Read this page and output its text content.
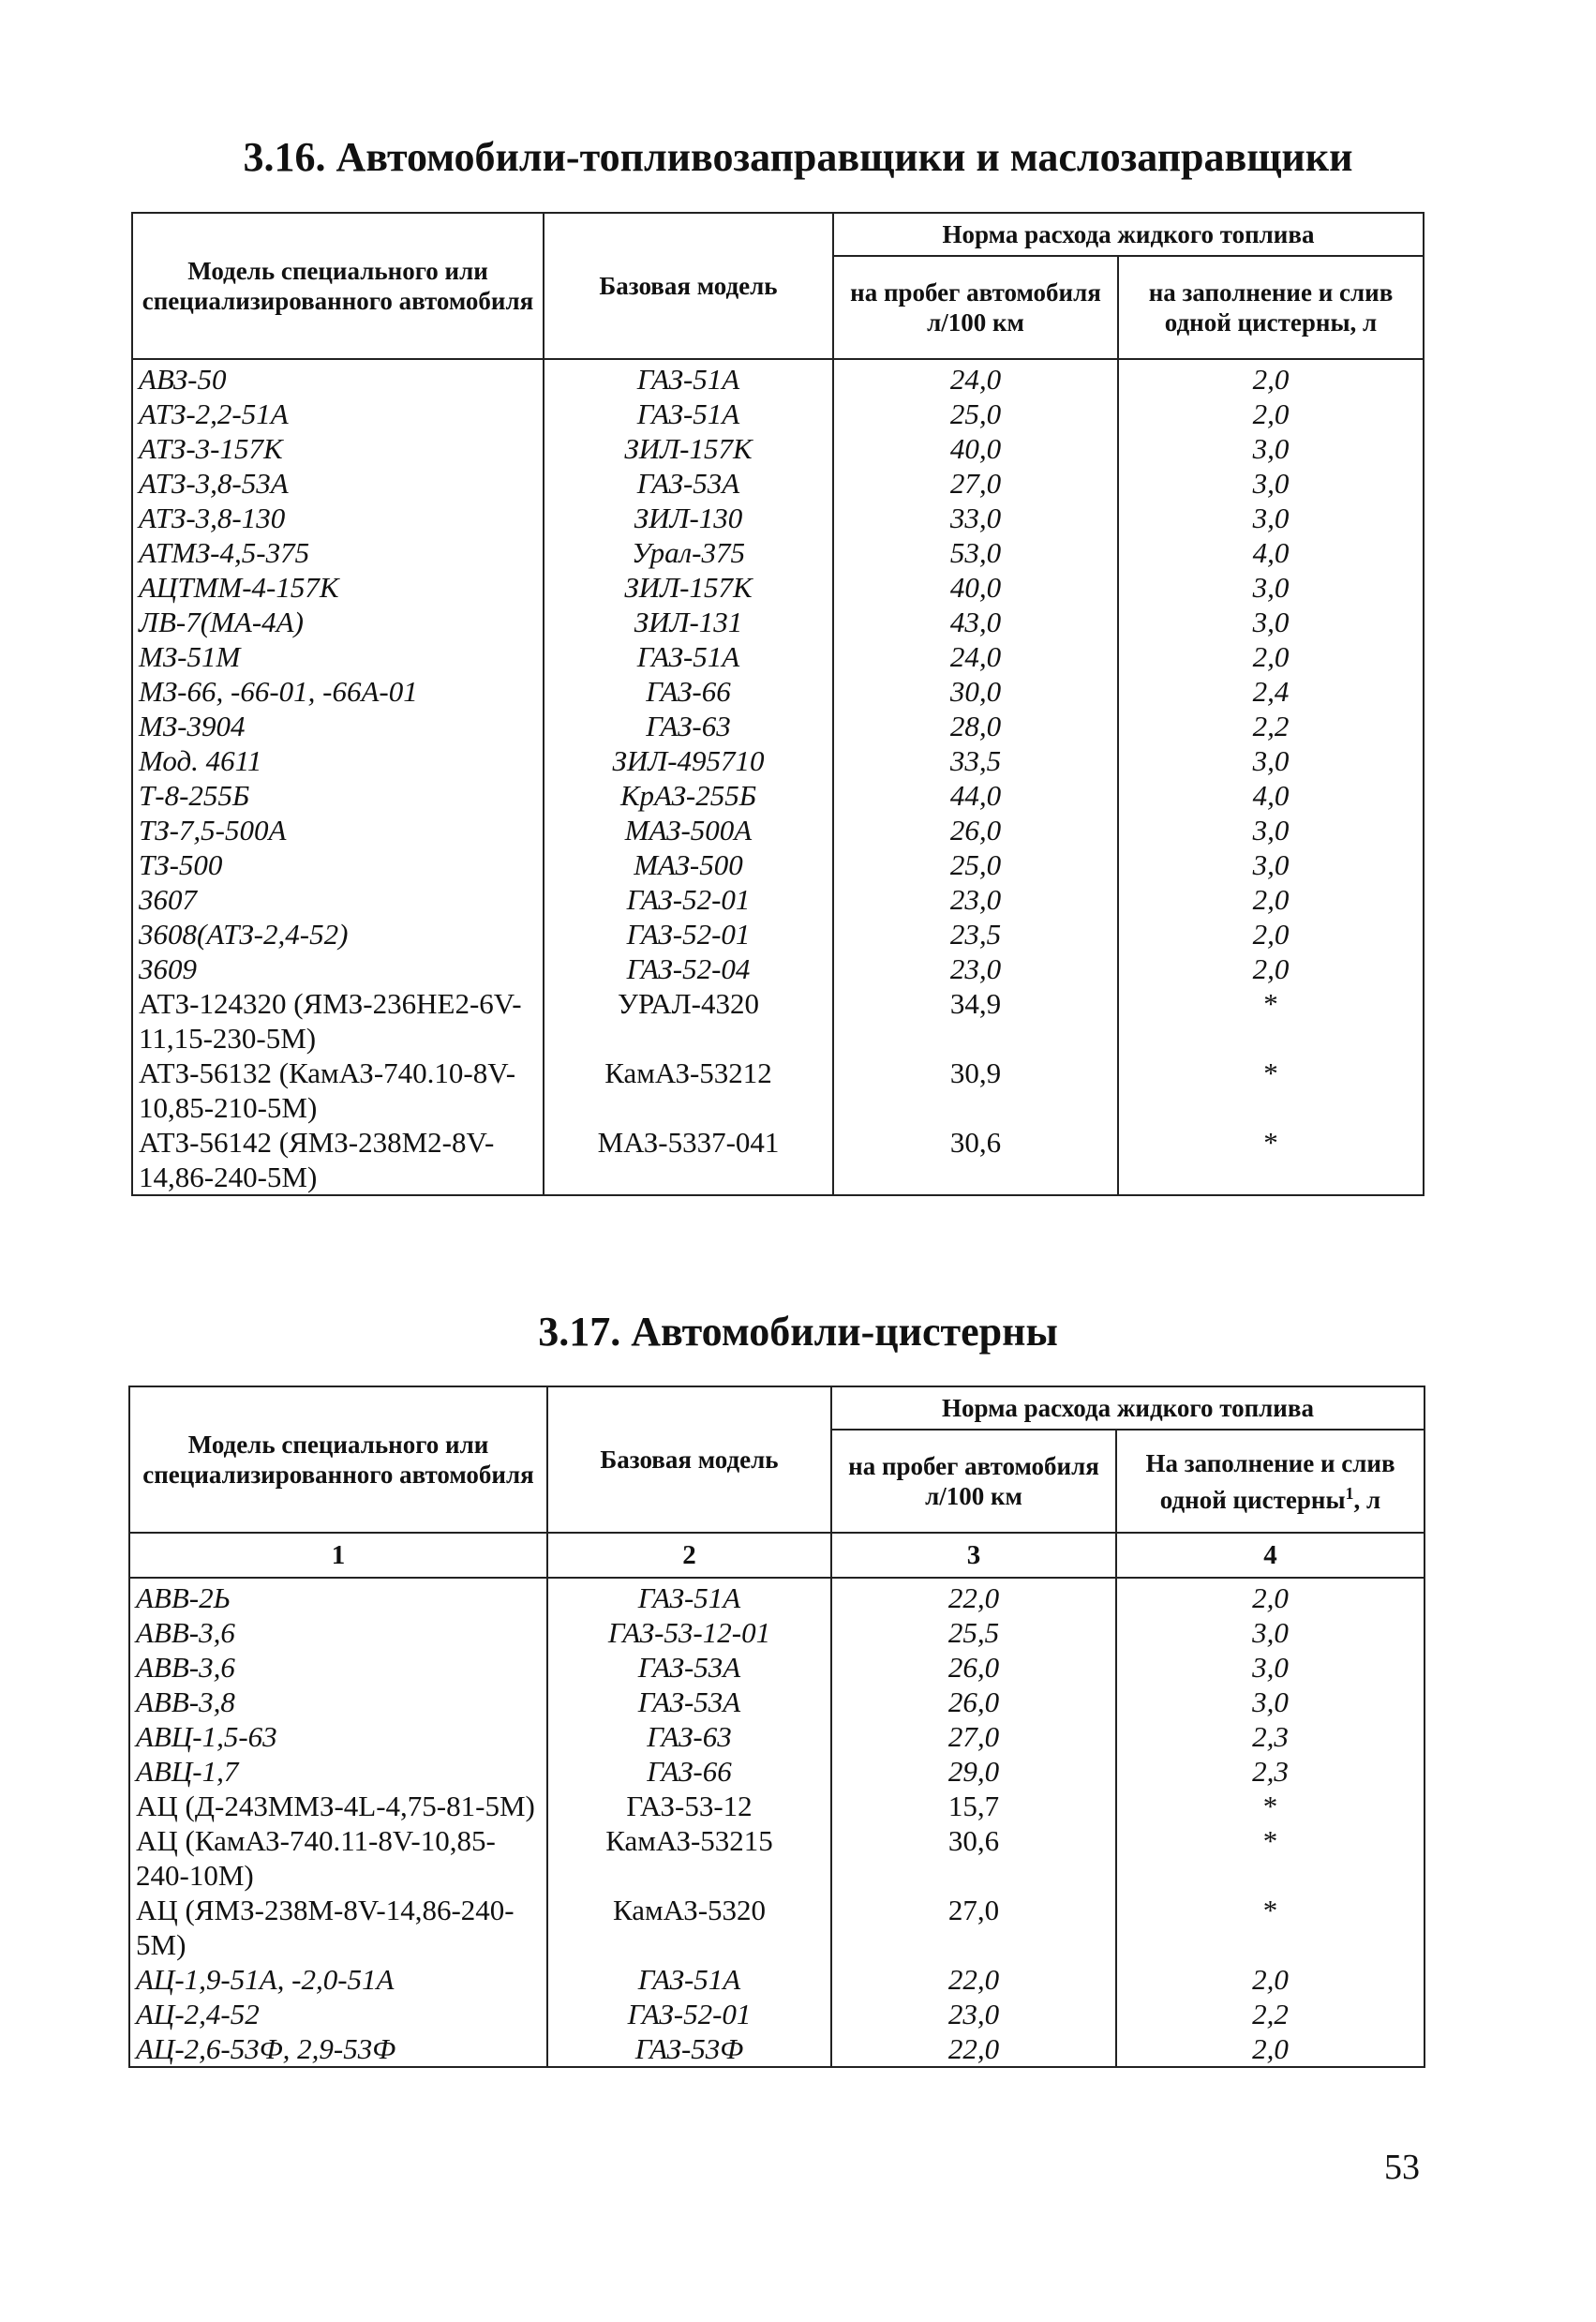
3.16. Автомобили-топливозаправщики и маслозаправщики
Модель специального или специализированного автомобиля	Базовая модель	Норма расхода жидкого топлива	
		на пробег автомобиля л/100 км	на заполнение и слив одной цистерны, л
АВЗ-50	ГАЗ-51А	24,0	2,0
АТЗ-2,2-51А	ГАЗ-51А	25,0	2,0
АТЗ-3-157К	ЗИЛ-157К	40,0	3,0
АТЗ-3,8-53А	ГАЗ-53А	27,0	3,0
АТЗ-3,8-130	ЗИЛ-130	33,0	3,0
АТМЗ-4,5-375	Урал-375	53,0	4,0
АЦТММ-4-157К	ЗИЛ-157К	40,0	3,0
ЛВ-7(МА-4А)	ЗИЛ-131	43,0	3,0
МЗ-51М	ГАЗ-51А	24,0	2,0
МЗ-66, -66-01, -66А-01	ГАЗ-66	30,0	2,4
МЗ-3904	ГАЗ-63	28,0	2,2
Мод. 4611	ЗИЛ-495710	33,5	3,0
Т-8-255Б	КрАЗ-255Б	44,0	4,0
ТЗ-7,5-500А	МАЗ-500А	26,0	3,0
ТЗ-500	МАЗ-500	25,0	3,0
3607	ГАЗ-52-01	23,0	2,0
3608(АТЗ-2,4-52)	ГАЗ-52-01	23,5	2,0
3609	ГАЗ-52-04	23,0	2,0
АТЗ-124320 (ЯМЗ-236НЕ2-6V-11,15-230-5М)	УРАЛ-4320	34,9	*
АТЗ-56132 (КамАЗ-740.10-8V-10,85-210-5М)	КамАЗ-53212	30,9	*
АТЗ-56142 (ЯМЗ-238М2-8V-14,86-240-5М)	МАЗ-5337-041	30,6	*
3.17. Автомобили-цистерны
Модель специального или специализированного автомобиля	Базовая модель	Норма расхода жидкого топлива	
		на пробег автомобиля л/100 км	На заполнение и слив одной цистерны$^1$, л
1	2	3	4
АВВ-2Ь	ГАЗ-51А	22,0	2,0
АВВ-3,6	ГАЗ-53-12-01	25,5	3,0
АВВ-3,6	ГАЗ-53А	26,0	3,0
АВВ-3,8	ГАЗ-53А	26,0	3,0
АВЦ-1,5-63	ГАЗ-63	27,0	2,3
АВЦ-1,7	ГАЗ-66	29,0	2,3
АЦ (Д-243ММЗ-4L-4,75-81-5М)	ГАЗ-53-12	15,7	*
АЦ (КамАЗ-740.11-8V-10,85-240-10М)	КамАЗ-53215	30,6	*
АЦ (ЯМЗ-238М-8V-14,86-240-5М)	КамАЗ-5320	27,0	*
АЦ-1,9-51А, -2,0-51А	ГАЗ-51А	22,0	2,0
АЦ-2,4-52	ГАЗ-52-01	23,0	2,2
АЦ-2,6-53Ф, 2,9-53Ф	ГАЗ-53Ф	22,0	2,0
53
